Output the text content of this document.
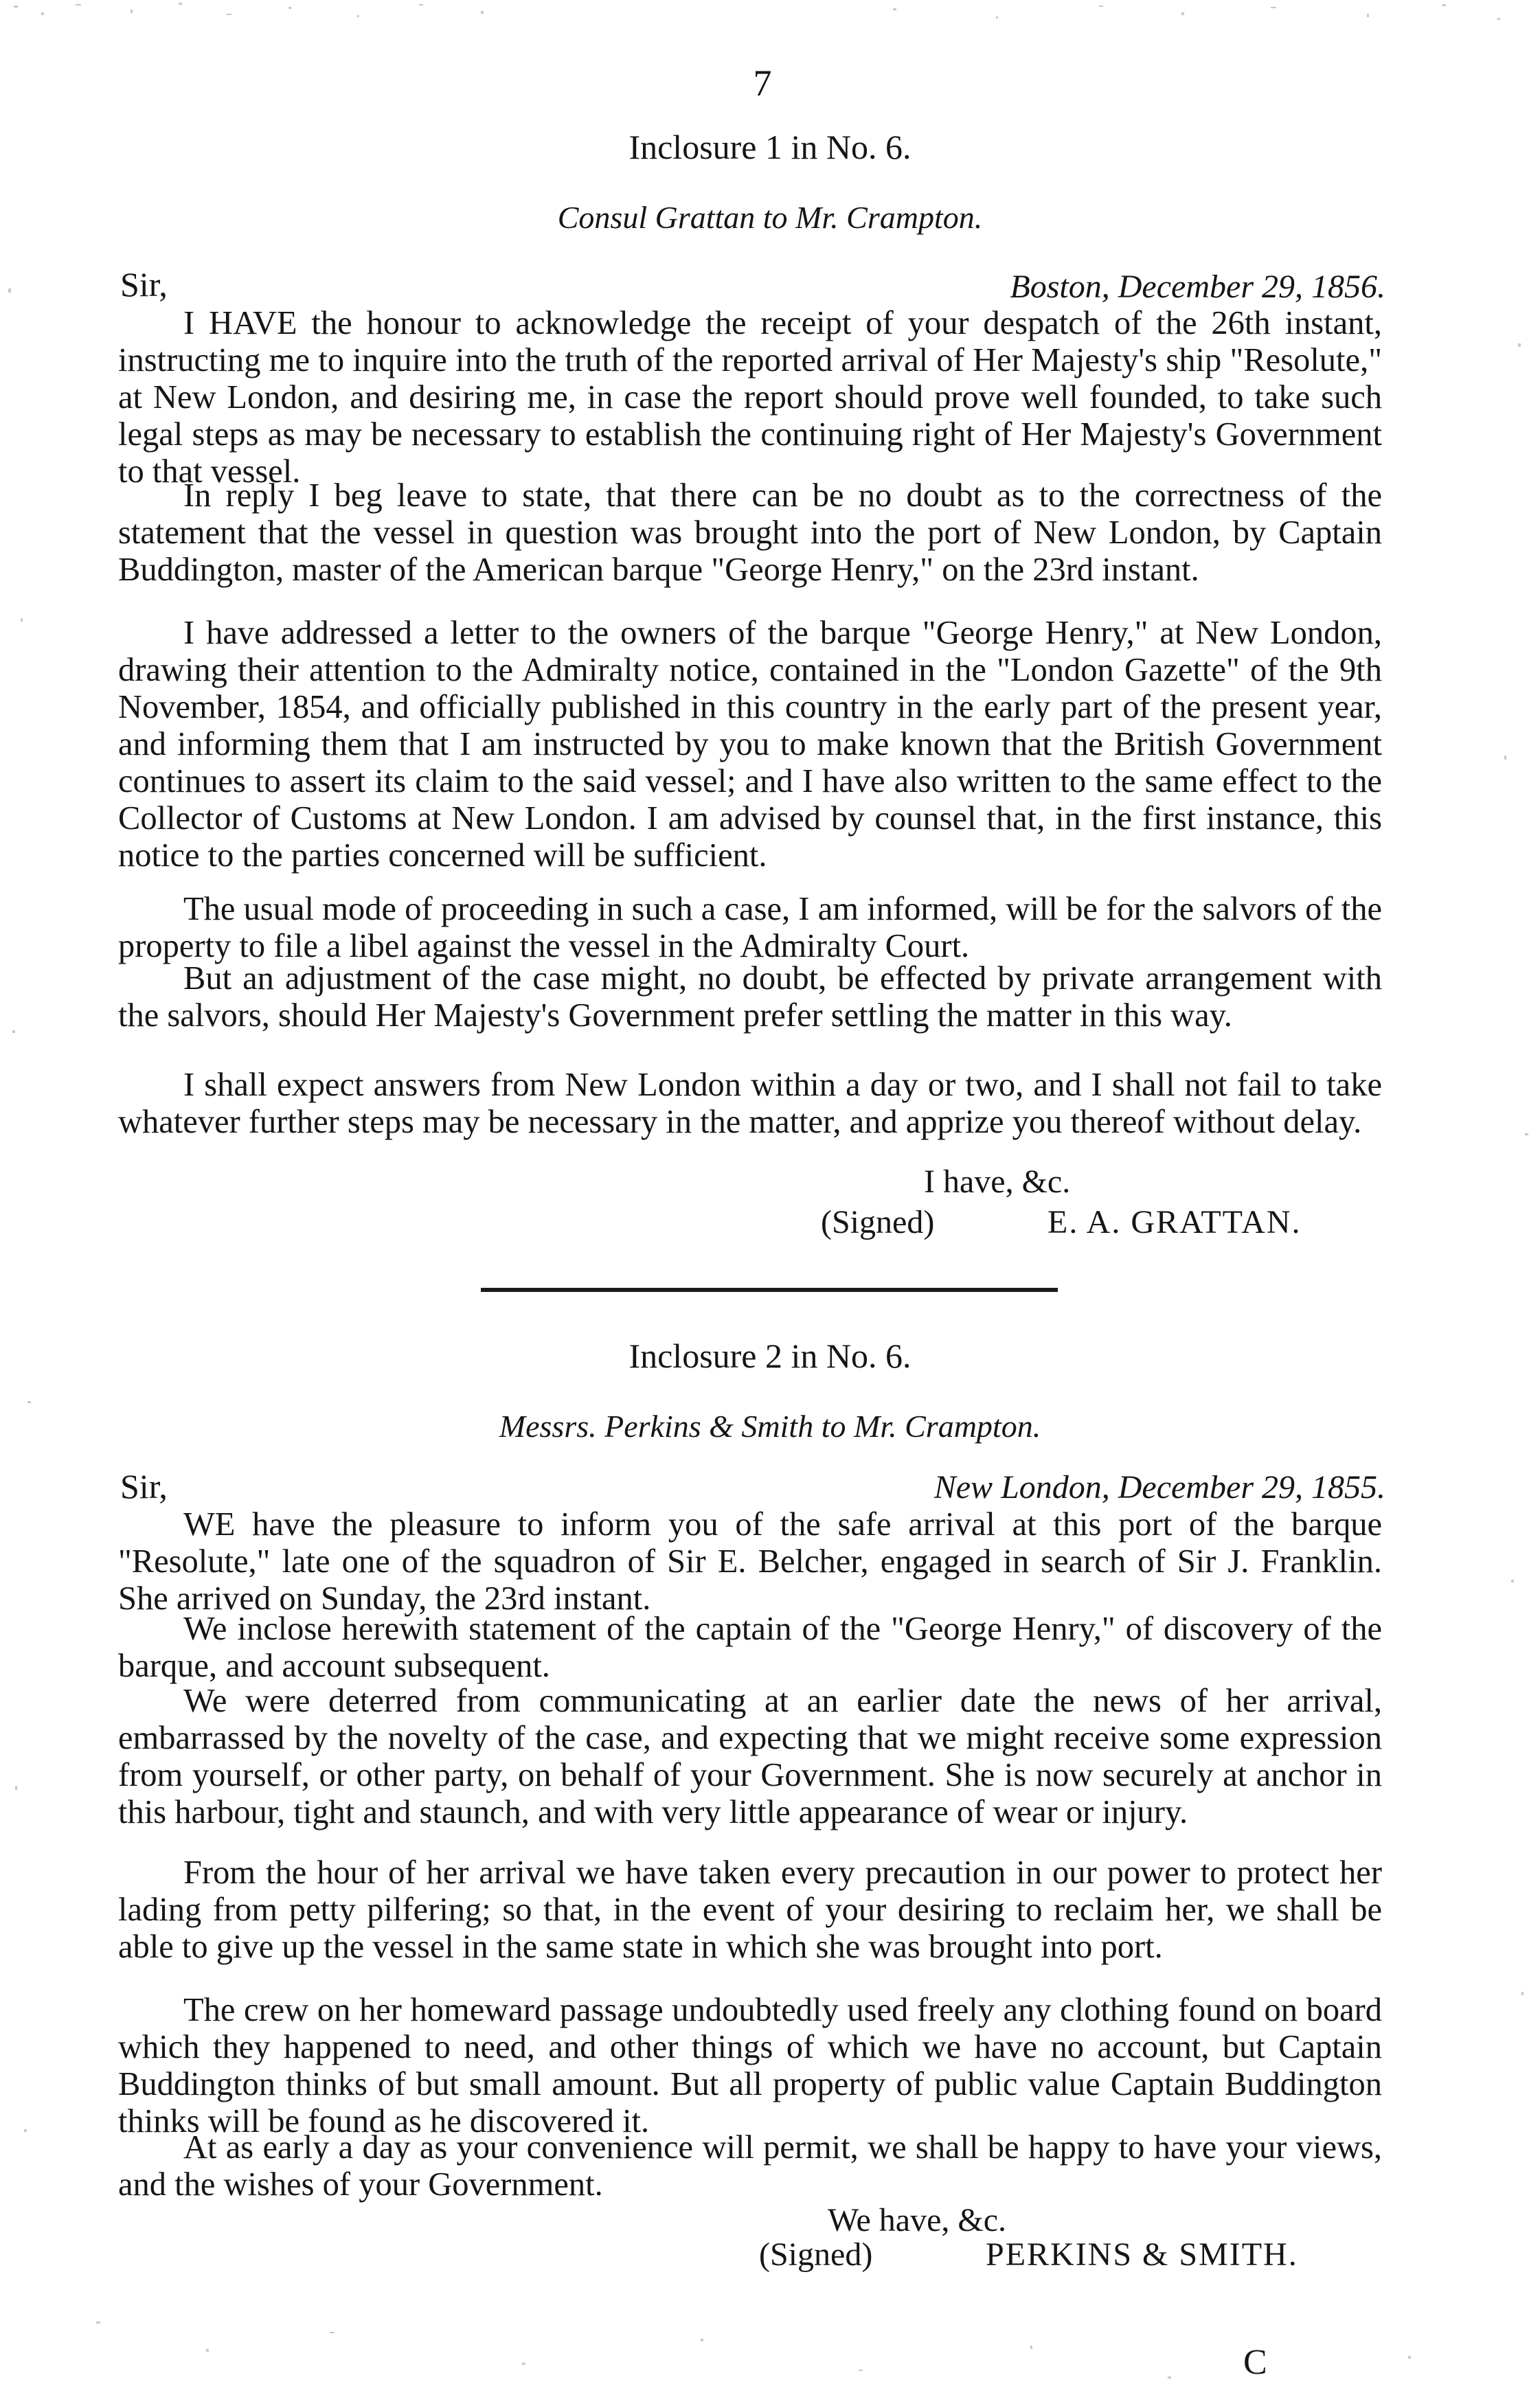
7
Inclosure 1 in No. 6.
Consul Grattan to Mr. Crampton.
Sir,	Boston, December 29, 1856.

I HAVE the honour to acknowledge the receipt of your despatch of the 26th instant, instructing me to inquire into the truth of the reported arrival of Her Majesty's ship "Resolute," at New London, and desiring me, in case the report should prove well founded, to take such legal steps as may be necessary to establish the continuing right of Her Majesty's Government to that vessel.

In reply I beg leave to state, that there can be no doubt as to the correctness of the statement that the vessel in question was brought into the port of New London, by Captain Buddington, master of the American barque "George Henry," on the 23rd instant.

I have addressed a letter to the owners of the barque "George Henry," at New London, drawing their attention to the Admiralty notice, contained in the "London Gazette" of the 9th November, 1854, and officially published in this country in the early part of the present year, and informing them that I am instructed by you to make known that the British Government continues to assert its claim to the said vessel; and I have also written to the same effect to the Collector of Customs at New London. I am advised by counsel that, in the first instance, this notice to the parties concerned will be sufficient.

The usual mode of proceeding in such a case, I am informed, will be for the salvors of the property to file a libel against the vessel in the Admiralty Court.

But an adjustment of the case might, no doubt, be effected by private arrangement with the salvors, should Her Majesty's Government prefer settling the matter in this way.

I shall expect answers from New London within a day or two, and I shall not fail to take whatever further steps may be necessary in the matter, and apprize you thereof without delay.

I have, &c.
(Signed)	E. A. GRATTAN.
Inclosure 2 in No. 6.
Messrs. Perkins & Smith to Mr. Crampton.
Sir,	New London, December 29, 1855.

WE have the pleasure to inform you of the safe arrival at this port of the barque "Resolute," late one of the squadron of Sir E. Belcher, engaged in search of Sir J. Franklin. She arrived on Sunday, the 23rd instant.

We inclose herewith statement of the captain of the "George Henry," of discovery of the barque, and account subsequent.

We were deterred from communicating at an earlier date the news of her arrival, embarrassed by the novelty of the case, and expecting that we might receive some expression from yourself, or other party, on behalf of your Government. She is now securely at anchor in this harbour, tight and staunch, and with very little appearance of wear or injury.

From the hour of her arrival we have taken every precaution in our power to protect her lading from petty pilfering; so that, in the event of your desiring to reclaim her, we shall be able to give up the vessel in the same state in which she was brought into port.

The crew on her homeward passage undoubtedly used freely any clothing found on board which they happened to need, and other things of which we have no account, but Captain Buddington thinks of but small amount. But all property of public value Captain Buddington thinks will be found as he discovered it.

At as early a day as your convenience will permit, we shall be happy to have your views, and the wishes of your Government.

We have, &c.
(Signed)	PERKINS & SMITH.
C
